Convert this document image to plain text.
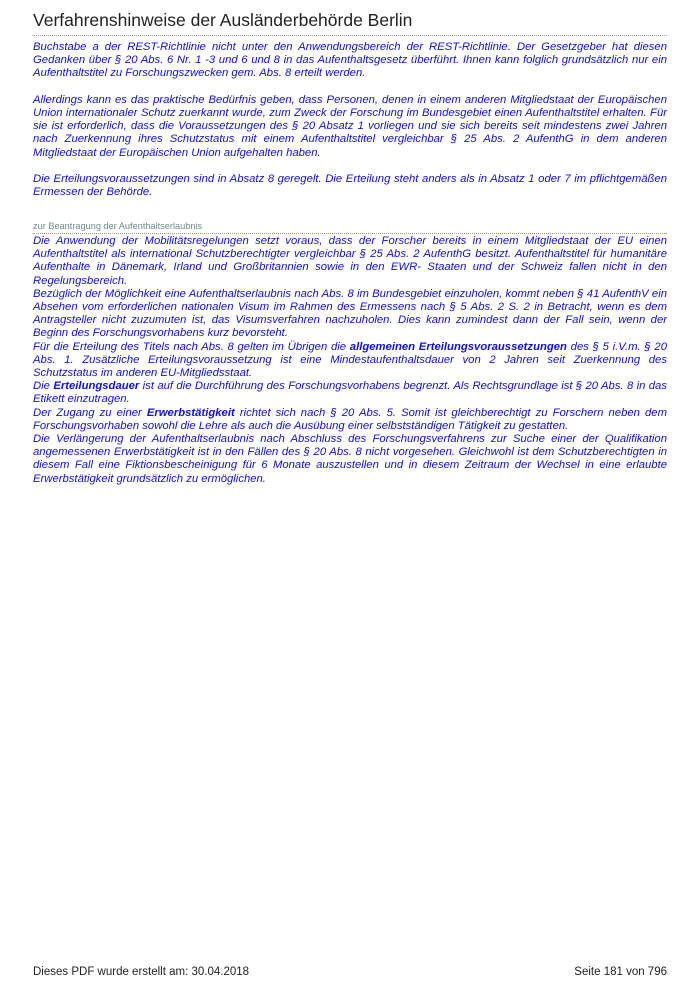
Verfahrenshinweise der Ausländerbehörde Berlin

Buchstabe a der REST-Richtlinie nicht unter den Anwendungsbereich der REST-Richtlinie. Der Gesetzgeber hat diesen Gedanken über § 20 Abs. 6 Nr. 1 -3 und 6 und 8 in das Aufenthaltsgesetz überführt. Ihnen kann folglich grundsätzlich nur ein Aufenthaltstitel zu Forschungszwecken gem. Abs. 8 erteilt werden.

Allerdings kann es das praktische Bedürfnis geben, dass Personen, denen in einem anderen Mitgliedstaat der Europäischen Union internationaler Schutz zuerkannt wurde, zum Zweck der Forschung im Bundesgebiet einen Aufenthaltstitel erhalten. Für sie ist erforderlich, dass die Voraussetzungen des § 20 Absatz 1 vorliegen und sie sich bereits seit mindestens zwei Jahren nach Zuerkennung ihres Schutzstatus mit einem Aufenthaltstitel vergleichbar § 25 Abs. 2 AufenthG in dem anderen Mitgliedstaat der Europäischen Union aufgehalten haben.

Die Erteilungsvoraussetzungen sind in Absatz 8 geregelt. Die Erteilung steht anders als in Absatz 1 oder 7 im pflichtgemäßen Ermessen der Behörde.

zur Beantragung der Aufenthaltserlaubnis

Die Anwendung der Mobilitätsregelungen setzt voraus, dass der Forscher bereits in einem Mitgliedstaat der EU einen Aufenthaltstitel als international Schutzberechtigter vergleichbar § 25 Abs. 2 AufenthG besitzt. Aufenthaltstitel für humanitäre Aufenthalte in Dänemark, Irland und Großbritannien sowie in den EWR- Staaten und der Schweiz fallen nicht in den Regelungsbereich.

Bezüglich der Möglichkeit eine Aufenthaltserlaubnis nach Abs. 8 im Bundesgebiet einzuholen, kommt neben § 41 AufenthV ein Absehen vom erforderlichen nationalen Visum im Rahmen des Ermessens nach § 5 Abs. 2 S. 2 in Betracht, wenn es dem Antragsteller nicht zuzumuten ist, das Visumsverfahren nachzuholen. Dies kann zumindest dann der Fall sein, wenn der Beginn des Forschungsvorhabens kurz bevorsteht.

Für die Erteilung des Titels nach Abs. 8 gelten im Übrigen die allgemeinen Erteilungsvoraussetzungen des § 5 i.V.m. § 20 Abs. 1. Zusätzliche Erteilungsvoraussetzung ist eine Mindestaufenthaltsdauer von 2 Jahren seit Zuerkennung des Schutzstatus im anderen EU-Mitgliedsstaat.

Die Erteilungsdauer ist auf die Durchführung des Forschungsvorhabens begrenzt. Als Rechtsgrundlage ist § 20 Abs. 8 in das Etikett einzutragen.

Der Zugang zu einer Erwerbstätigkeit richtet sich nach § 20 Abs. 5. Somit ist gleichberechtigt zu Forschern neben dem Forschungsvorhaben sowohl die Lehre als auch die Ausübung einer selbstständigen Tätigkeit zu gestatten.

Die Verlängerung der Aufenthaltserlaubnis nach Abschluss des Forschungsverfahrens zur Suche einer der Qualifikation angemessenen Erwerbstätigkeit ist in den Fällen des § 20 Abs. 8 nicht vorgesehen. Gleichwohl ist dem Schutzberechtigten in diesem Fall eine Fiktionsbescheinigung für 6 Monate auszustellen und in diesem Zeitraum der Wechsel in eine erlaubte Erwerbstätigkeit grundsätzlich zu ermöglichen.

Dieses PDF wurde erstellt am: 30.04.2018	Seite 181 von 796
